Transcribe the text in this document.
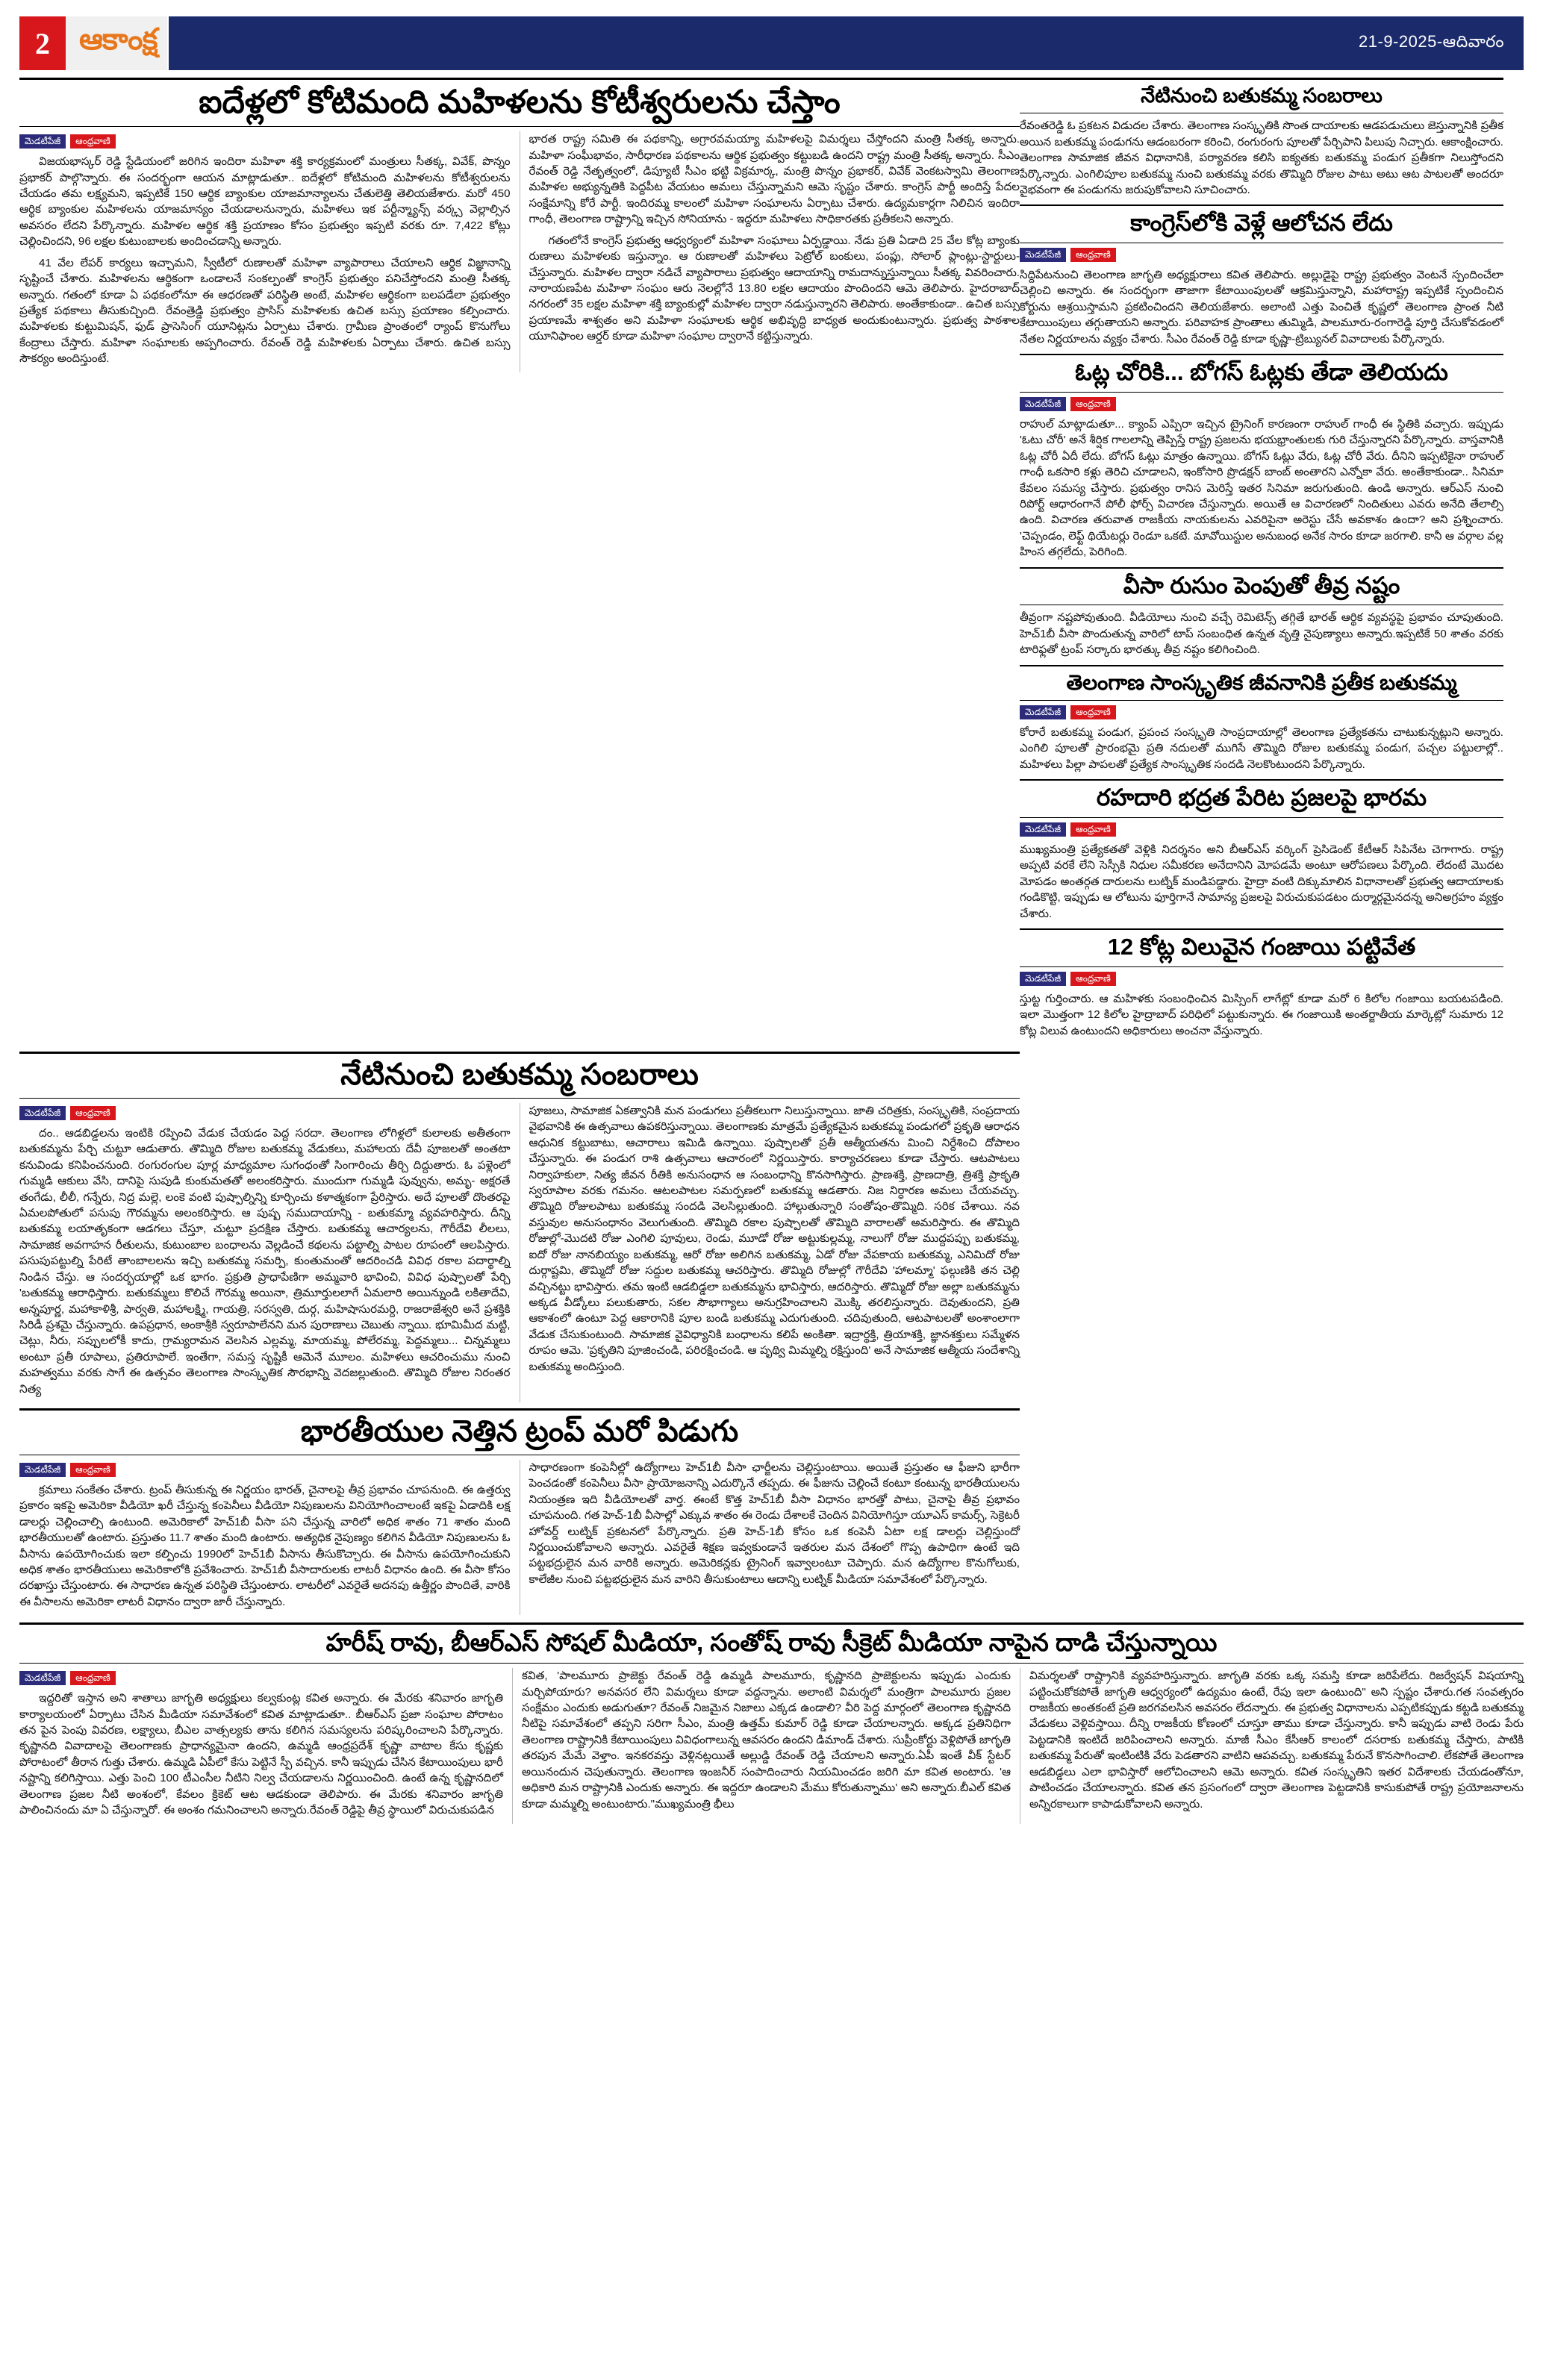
2 ఆకాంక్ష	21-9-2025-ఆదివారం
ఐదేళ్లలో కోటిమంది మహిళలను కోటీశ్వరులను చేస్తాం
మెడటీపేజీ	ఆంధ్రవాణి

విజయభాస్కర్ రెడ్డి స్టేడియంలో జరిగిన ఇందిరా మహిళా శక్తి కార్యక్రమంలో మంత్రులు సీతక్క, వివేక్, పొన్నం ప్రభాకర్ పాల్గొన్నారు. ఈ సందర్భంగా ఆయన మాట్లాడుతూ.. ఐదేళ్లలో కోటిమంది మహిళలను కోటీశ్వరులను చేయడం తమ లక్ష్యమని, ఇప్పటికే 150 ఆర్థిక బ్యాంకుల యాజమాన్యాలను చేతులెత్తి తెలియజేశారు. మరో 450 ఆర్థిక బ్యాంకుల మహిళలను యాజమాన్యం చేయడాలనున్నారు, మహిళలు ఇక పర్టీన్మ్యాన్స్ వర్క్స వెల్లాల్సిన అవసరం లేదని పేర్కొన్నారు. మహిళల ఆర్థిక శక్తి ప్రయాణం కోసం ప్రభుత్వం ఇప్పటి వరకు రూ. 7,422 కోట్లు చెల్లించిందని, 96 లక్షల కుటుంబాలకు అందించడాన్ని అన్నారు.

41 వేల లేపర్ కార్యలు ఇచ్చామని, స్వీటీలో రుణాలతో మహిళా వ్యాపారాలు చేయాలని ఆర్థిక విజ్ఞానాన్ని సృష్టించే చేశారు. మహిళలను ఆర్థికంగా ఒండాలనే సంకల్పంతో కాంగ్రెస్ ప్రభుత్వం పనిచేస్తోందని మంత్రి సీతక్క అన్నారు. గతంలో కూడా ఏ పథకంలోనూ ఈ ఆధరణతో పరిస్థితి అంటే, మహిళల ఆర్థికంగా బలపడేలా ప్రభుత్వం ప్రత్యేక పథకాలు తీసుకుచ్చింది. రేవంత్రెడ్డి ప్రభుత్వం ప్రాసిస్ మహిళలకు ఉచిత బస్సు ప్రయాణం కల్పించారు. మహిళలకు కుట్టుమిషన్, ఫుడ్ ప్రాసెసింగ్ యూనిట్లను ఏర్పాటు చేశారు. గ్రామీణ ప్రాంతంలో ర్యాంప్ కొనుగోలు కేంద్రాలు చేస్తారు. మహిళా సంఘాలకు అప్పగించారు. రేవంత్ రెడ్డి మహిళలకు ఏర్పాటు చేశారు. ఉచిత బస్సు సౌకర్యం అందిస్తుంటే.

భారత రాష్ట్ర సమితి ఈ పథకాన్ని, అగ్రారవమయ్యా మహిళలపై విమర్శలు చేస్తోందని మంత్రి సీతక్క అన్నారు. మహిళా సంఘీభావం, సారీధారణ పథకాలను ఆర్థిక ప్రభుత్వం కట్టుబడి ఉందని రాష్ట్ర మంత్రి సీతక్క అన్నారు. సీఎం రేవంత్ రెడ్డి నేతృత్వంలో, డిప్యూటీ సీఎం భట్టి విక్రమార్క, మంత్రి పొన్నం ప్రభాకర్, వివేక్ వెంకటస్వామి తెలంగాణ మహిళల అభ్యున్నతికి పెద్దపీట వేయటం అమలు చేస్తున్నామని ఆమె సృష్టం చేశారు. కాంగ్రెస్ పార్టీ అందిస్తే పేదల సంక్షేమాన్ని కోరే పార్టీ. ఇందిరమ్మ కాలంలో మహిళా సంఘాలను ఏర్పాటు చేశారు. ఉద్యమకార్లగా నిలిచిన ఇందిరా గాంధీ, తెలంగాణ రాష్ట్రాన్ని ఇచ్చిన సోనియాను - ఇద్దరూ మహిళలు సాధికారతకు ప్రతీకలని అన్నారు.

గతంలోనే కాంగ్రెస్ ప్రభుత్వ ఆధ్వర్యంలో మహిళా సంఘాలు ఏర్పడ్డాయి. నేడు ప్రతి ఏడాది 25 వేల కోట్ల బ్యాంకు రుణాలు మహిళలకు ఇస్తున్నాం. ఆ రుణాలతో మహిళలు పెట్రోల్ బంకులు, పంప్లు, సోలార్ ప్లాంట్లు-స్టార్టులు-చేస్తున్నారు. మహిళల ద్వారా నడిచే వ్యాపారాలు ప్రభుత్వం ఆదాయాన్ని రామదాన్నుస్తున్నాయి సీతక్క వివరించారు. నారాయణపేట మహిళా సంఘం ఆరు నెలల్లోనే 13.80 లక్షల ఆదాయం పొందిందని ఆమె తెలిపారు. హైదరాబాద్ నగరంలో 35 లక్షల మహిళా శక్తి బ్యాంకుల్లో మహిళల ద్వారా నడుస్తున్నారని తెలిపారు. అంతేకాకుండా.. ఉచిత బస్సు ప్రయాణమే శాశ్వతం అని మహిళా సంఘాలకు ఆర్థిక అభివృద్ధి బాధ్యత అందుకుంటున్నారు. ప్రభుత్వ పాఠశాల యూనిఫాంల ఆర్డర్ కూడా మహిళా సంఘాల ద్వారానే కట్టిస్తున్నారు.

నేటినుంచి బతుకమ్మ సంబరాలు

రేవంతరెడ్డి ఓ ప్రకటన విడుదల చేశారు. తెలంగాణ సంస్కృతికి సొంత దాయాలకు ఆడపడుచులు జెస్తున్నానికి ప్రతీక అయిన బతుకమ్మ పండుగను ఆడంబరంగా కరించి, రంగురంగు పూలతో పేర్చిపాని పిలుపు నిచ్చారు. ఆకాంక్షించారు. తెలంగాణ సామాజిక జీవన విధానానికి, పర్యావరణ కలిసి ఐక్యతకు బతుకమ్మ పండుగ ప్రతీకగా నిలుస్తోందని పేర్కొన్నారు. ఎంగిలిపూల బతుకమ్మ నుంచి బతుకమ్మ వరకు తొమ్మిది రోజుల పాటు అటు ఆట పాటలతో అందరూ వైభవంగా ఈ పండుగను జరుపుకోవాలని సూచించారు.

కాంగ్రెస్‌లోకి వెళ్లే ఆలోచన లేదు
మెడటీపేజీ	ఆంధ్రవాణి

సిద్దిపేటనుంచి తెలంగాణ జాగృతి అధ్యక్షురాలు కవిత తెలిపారు. అల్లుడైపై రాష్ట్ర ప్రభుత్వం వెంటనే స్పందించేలా చెల్లించి అన్నారు. ఈ సందర్భంగా తాజాగా కేటాయింపులతో ఆక్రమిస్తున్నాని, మహారాష్ట్ర ఇప్పటికే స్పందించిన కోర్టును ఆశ్రయిస్తామని ప్రకటించిందని తెలియజేశారు. అలాంటి ఎత్తు పెంచితే కృష్ణలో తెలంగాణ ప్రాంత నీటి కేటాయింపులు తగ్గుతాయని అన్నారు. పరివాహక ప్రాంతాలు తుమ్మిడి, పాలమూరు-రంగారెడ్డి పూర్తి చేసుకోవడంలో నేతల నిర్ణయాలను వ్యక్తం చేశారు. సీఎం రేవంత్ రెడ్డి కూడా కృష్ణా-ట్రిబ్యునల్ వివాదాలకు పేర్కొన్నారు.

ఓట్ల చోరికి... బోగస్ ఓట్లకు తేడా తెలియదు
మెడటీపేజీ	ఆంధ్రవాణి

రాహుల్ మాట్లాడుతూ... క్యాంప్ ఎప్పిరా ఇచ్చిన ట్రైనింగ్ కారణంగా రాహుల్ గాంధీ ఈ స్థితికి వచ్చారు. ఇప్పుడు 'ఓటు చోరీ' అనే శీర్షిక గాలలాన్ని తెప్పిస్తే రాష్ట్ర ప్రజలను భయభ్రాంతులకు గురి చేస్తున్నారని పేర్కొన్నారు. వాస్తవానికి ఓట్ల చోరీ ఏదీ లేదు. బోగస్ ఓట్లు మాత్రం ఉన్నాయి. బోగస్ ఓట్లు వేరు, ఓట్ల చోరీ వేరు. దీనిని ఇప్పటికైనా రాహుల్ గాంధీ ఒకసారి కళ్లు తెరిచి చూడాలని, ఇంకోసారి ప్రొడక్షన్ బాంబ్ అంతారని ఎన్నోకా వేరు. అంతేకాకుండా.. సినిమా కేవలం సమస్య చేస్తారు. ప్రభుత్వం రానిస మెరిస్తే ఇతర సినిమా జరుగుతుంది. ఉండి అన్నారు. ఆర్ఎస్ నుంచి రిపోర్ట్ ఆధారంగానే పోలీ ఫోర్స్ విచారణ చేస్తున్నారు. అయితే ఆ విచారణలో నిందితులు ఎవరు అనేది తేలాల్సి ఉంది. విచారణ తరువాత రాజకీయ నాయకులను ఎవరిపైనా అరెస్టు చేసే అవకాశం ఉందా? అని ప్రశ్నించారు. 'చెప్పండం, లెఫ్ట్ థియేటర్లు రెండూ ఒకటే. మావోయిస్టుల అనుబంధ అనేక సారం కూడా జరగాలి. కానీ ఆ వర్గాల వల్ల హింస తగ్గలేదు, పెరిగింది.

వీసా రుసుం పెంపుతో తీవ్ర నష్టం

తీవ్రంగా నష్టపోవుతుంది. వీడియోలు నుంచి వచ్చే రెమిటెన్స్ తగ్గితే భారత్ ఆర్థిక వ్యవస్థపై ప్రభావం చూపుతుంది. హెచ్1బీ వీసా పొందుతున్న వారిలో టాప్ సంబంధిత ఉన్నత వృత్తి నైపుణ్యాలు అన్నారు.ఇప్పటికే 50 శాతం వరకు టారిఫ్లతో ట్రంప్ సర్కారు భారత్కు తీవ్ర నష్టం కలిగించింది.

తెలంగాణ సాంస్కృతిక జీవనానికి ప్రతీక బతుకమ్మ
మెడటీపేజీ	ఆంధ్రవాణి

కోరారే బతుకమ్మ పండుగ, ప్రపంచ సంస్కృతి సాంప్రదాయాల్లో తెలంగాణ ప్రత్యేకతను చాటుకున్నట్లుని అన్నారు. ఎంగిలి పూలతో ప్రారంభమై ప్రతి నదులతో ముగిసే తొమ్మిది రోజుల బతుకమ్మ పండుగ, పచ్చల పట్టులాల్లో.. మహిళలు పిల్లా పాపలతో ప్రత్యేక సాంస్కృతిక సందడి నెలకొంటుందని పేర్కొన్నారు.

రహదారి భద్రత పేరిట ప్రజలపై భారమ
మెడటీపేజీ	ఆంధ్రవాణి

ముఖ్యమంత్రి ప్రత్యేకతతో వెళ్లికి నిదర్శనం అని బీఆర్ఎస్ వర్కింగ్ ప్రెసిడెంట్ కేటీఆర్ సిపినేట చెగాగారు. రాష్ట్ర అప్పటి వరకే లేని సెస్సీకి నిధుల సమీకరణ అనేదానిని మోపడమే అంటూ ఆరోపణలు పేర్కొంది. లేదంటే మొదట మోపడం అంతర్గత దారులను లుట్నిక్ మండిపడ్డారు. హైద్రా వంటి దిక్కుమాలిన విధానాలతో ప్రభుత్వ ఆదాయాలకు గండికొట్టి, ఇప్పుడు ఆ లోటును ఫూర్తిగానే సామాన్య ప్రజలపై విరుచుకుపడటం దుర్మార్గమైనదన్న అనిఅగ్రహం వ్యక్తం చేశారు.

12 కోట్ల విలువైన గంజాయి పట్టివేత
మెడటీపేజీ	ఆంధ్రవాణి

స్తుట్ట గుర్తించారు. ఆ మహిళకు సంబంధించిన మిస్సింగ్ లాగేట్లో కూడా మరో 6 కిలోల గంజాయి బయటపడింది. ఇలా మొత్తంగా 12 కిలోల హైద్రాబాద్ పరిధిలో పట్టుకున్నారు. ఈ గంజాయికి అంతర్జాతీయ మార్కెట్లో సుమారు 12 కోట్ల విలువ ఉంటుందని అధికారులు అంచనా వేస్తున్నారు.

నేటినుంచి బతుకమ్మ సంబరాలు
మెడటీపేజీ	ఆంధ్రవాణి

దం.. ఆడబిడ్డలను ఇంటికి రప్పించి వేడుక చేయడం పెద్ద సరదా. తెలంగాణ లోగిళ్లలో కులాలకు అతీతంగా బతుకమ్మను పేర్చి చుట్టూ ఆడుతారు. తొమ్మిది రోజుల బతుకమ్మ వేడుకలు, మహాలయ దేవీ పూజలతో అంతటా కనువిండు కనిపించనుంది. రంగురంగుల పూర్ల మాధ్యమాల సుగంధంతో సింగారించు తీర్చి దిద్దుతారు. ఓ పళ్లెంలో గుమ్మడి ఆకులు వేసి, దానిపై సుపుడి కుంకుమతతో అలంకరిస్తారు. ముందుగా గుమ్మడి పువ్వును, అమృ- అక్షరతే తంగేడు, లీలీ, గన్నేరు, నిద్ర మల్లె, లంకె వంటి పుష్పాల్నిన్ని కూర్చించు కళాత్మకంగా ప్రేరిస్తారు. అదే పూలతో దొంతరపై ఏమలపోతులో పసుపు గౌరమ్మను అలంకరిస్తారు. ఆ పుష్ప సముదాయాన్ని - బతుకమ్మా వ్యవహరిస్తారు. దీన్ని బతుకమ్మ లయాతృకంగా ఆడగలు చేస్తూ, చుట్టూ ప్రదక్షిణ చేస్తారు. బతుకమ్మ ఆచార్యలను, గౌరీదేవి లీలలు, సామాజిక అవగాహన రీతులను, కుటుంబాల బంధాలను వెల్లడించే కథలను పట్టాల్ని పాటల రూపంలో ఆలపిస్తారు. పసుపుపట్టుల్ని పేరిటే తాంబాలలను ఇచ్చి బతుకమ్మ సమర్పి, కుంతుమంతో ఆదరించడి వివిధ రకాల పదార్థాల్ని నిండిన చేస్తు. ఆ సందర్భయాల్లో ఒక భాగం. ప్రక్రుతి ప్రాధాపేణిగా అమ్మవారి భావించి, వివిధ పుష్పాలతో పేర్చి 'బతుకమ్మ ఆరాధిస్తారు. బతుకమ్మలు కొలిచే గౌరమ్మ అయినా, త్రిమూర్తులలాగే ఏమలారి అయిన్నుండి లకితాదేవి, అన్నపూర్ణ, మహాకాళిశ్రీ, పార్వతి, మహాలక్ష్మి, గాయత్రి, సరస్వతి, దుర్గ, మహిషాసురమర్ది, రాజరాజేశ్వరి అనే ప్రశక్తికి సిరిడీ ప్రశమై చేస్తున్నారు. ఉపప్రధాన, అంకాశ్రీకి స్వరూపాలేనని మన పురాణాలు చెబుతు న్నాయి. భూమిమీద మట్టి, చెట్లు, నీరు, సప్పులలోకీ కాదు, గ్రామ్యరామన వెలసిన ఎల్లమ్మ, మాయమ్మ, పోలేరమ్మ, పెద్దమ్మలు... చిన్నమ్మలు అంటూ ప్రతీ రూపాలు, ప్రతిరూపాలే. ఇంతేగా, సమస్త సృష్టికీ ఆమెనే మూలం. మహిళలు ఆచరించుము నుంచి మహత్వము వరకు సాగే ఈ ఉత్సవం తెలంగాణ సాంస్కృతిక సౌరభాన్ని వెదజల్లుతుంది. తొమ్మిది రోజుల నిరంతర నిత్య

పూజలు, సామాజిక ఏకత్వానికి మన పండుగలు ప్రతీకలుగా నిలుస్తున్నాయి. జాతి చరిత్రకు, సంస్కృతికి, సంప్రదాయ వైభవానికి ఈ ఉత్సవాలు ఉపకరిస్తున్నాయి. తెలంగాణకు మాత్రమే ప్రత్యేకమైన బతుకమ్మ పండుగలో ప్రకృతి ఆరాధన ఆధునిక కట్టుబాటు, ఆచారాలు ఇమిడి ఉన్నాయి. పుష్పాలతో ప్రతీ ఆత్మీయతను మించి నిర్దేశించి దోపాలం చేస్తున్నారు. ఈ పండుగ రాశి ఉత్సవాలు ఆచారంలో నిర్ణయిస్తారు. కార్యాచరణలు కూడా చేస్తారు. ఆటపాటలు నిర్వాహకులా, నిత్య జీవన రీతికి అనుసంధాన ఆ సంబంధాన్ని కొనసాగిస్తారు. ప్రాణశక్తి, ప్రాణదాత్రి, త్రిశక్తి ప్రాకృతి స్వరూపాల వరకు గమనం. ఆటలపాటల సమర్పణలో బతుకమ్మ ఆడతారు. నిజ నిర్ధారణ అమలు చేయవచ్చు. తొమ్మిది రోజులపాటు బతుకమ్మ సందడి వెలసిల్లుతుంది. హాల్గుతున్నారి సంతోషం-తొమ్మిది. సరిక చేశాయి. నవ వస్తువుల అనుసంధానం వెలుగుతుంది. తొమ్మిది రకాల పుష్పాలతో తొమ్మిది వారాలతో అమరిస్తారు. ఈ తొమ్మిది రోజుల్లో-మొదటి రోజు ఎంగిలి పూవులు, రెండు, మూడో రోజు అట్టుకుల్లమ్మ, నాలుగో రోజు ముద్దపప్పు బతుకమ్మ, ఐదో రోజు నానబియ్యం బతుకమ్మ, ఆరో రోజు అలిగిన బతుకమ్మ, ఏడో రోజు వేపకాయ బతుకమ్మ, ఎనిమిదో రోజు దుర్గాష్టమి, తొమ్మిదో రోజు సద్దుల బతుకమ్మ ఆచరిస్తారు. తొమ్మిది రోజుల్లో గౌరీదేవి 'హాలమ్మా' ఫల్గుణికి తన చెల్లి వచ్చినట్టు భావిస్తారు. తమ ఇంటి ఆడబిడ్డలా బతుకమ్మను భావిస్తారు, ఆదరిస్తారు. తొమ్మిదో రోజు అల్లా బతుకమ్మను అక్కడ వీడ్కోలు పలుకుతారు, సకల సౌభాగ్యాలు అనుగ్రహించాలని మొక్కి తరలిస్తున్నారు. దెవుతుందని, ప్రతి ఆకాశంలో ఉంటూ పెద్ద ఆకారానికి పూల బండి బతుకమ్మ ఎదుగుతుంది. చదివుతుంది, ఆటపాటలతో అంశాంలాగా వేడుక చేసుకుంటుంది. సామాజిక వైవిధ్యానికి బంధాలను కలిపే అంకితా. ఇద్రార్థక్తి, త్రియాశక్తి, జ్ఞానశక్తులు సమ్మేళన రూపం ఆమె. 'ప్రకృతిని పూజించండి, పరిరక్షించండి. ఆ పృథ్వి మిమ్మల్ని రక్షిస్తుంది' అనే సామాజిక ఆత్మీయ సందేశాన్ని బతుకమ్మ అందిస్తుంది.

భారతీయుల నెత్తిన ట్రంప్ మరో పిడుగు
మెడటీపేజీ	ఆంధ్రవాణి

క్రమాలు సంకేతం చేశారు. ట్రంప్ తీసుకున్న ఈ నిర్ణయం భారత్, చైనాలపై తీవ్ర ప్రభావం చూపనుంది. ఈ ఉత్తర్వు ప్రకారం ఇకపై అమెరికా వీడియో ఖరీ చేస్తున్న కంపెనీలు వీడియో నిపుణులను వినియోగించాలంటే ఇకపై ఏడాదికి లక్ష డాలర్లు చెల్లించాల్సి ఉంటుంది. అమెరికాలో హెచ్1బీ వీసా పని చేస్తున్న వారిలో అధిక శాతం 71 శాతం మంది భారతీయులతో ఉంటారు. ప్రస్తుతం 11.7 శాతం మంది ఉంటారు. అత్యధిక నైపుణ్యం కలిగిన వీడియో నిపుణులను ఓ వీసాను ఉపయోగించుకు ఇలా కల్పించు 1990లో హెచ్1బీ వీసాను తీసుకొచ్చారు. ఈ వీసాను ఉపయోగించుకుని అధిక శాతం భారతీయులు అమెరికాలోకి ప్రవేశించారు. హెచ్1బీ వీసాదారులకు లాటరీ విధానం ఉంది. ఈ వీసా కోసం దరఖాస్తు చేస్తుంటారు. ఈ సాధారణ ఉన్నత పరిస్థితి చేస్తుంటారు. లాటరీలో ఎవరైతే అదనపు ఉత్తీర్ణం పొందితే, వారికి ఈ వీసాలను అమెరికా లాటరీ విధానం ద్వారా జారీ చేస్తున్నారు.

సాధారణంగా కంపెనీల్లో ఉద్యోగాలు హెచ్1బీ వీసా ఛార్జీలను చెల్లిస్తుంటాయి. అయితే ప్రస్తుతం ఆ ఫీజుని భారీగా పెంచడంతో కంపెనీలు వీసా ప్రాయోజనాన్ని ఎదుర్కొనే తప్పదు. ఈ ఫీజును చెల్లించే కంటూ కంటున్న భారతీయులను నియంత్రణ ఇది వీడియోలతో వార్త. ఈంటే కొత్త హెచ్1బీ వీసా విధానం భారత్తో పాటు, చైనాపై తీవ్ర ప్రభావం చూపనుంది. గత హెచ్-1బీ వీసాల్లో ఎక్కువ శాతం ఈ రెండు దేశాలకే చెందిన వినియోగిస్తూ యూఎస్ కామర్స్, సెక్రెటరీ హోవర్డ్ లుట్నిక్ ప్రకటనలో పేర్కొన్నారు. ప్రతి హెచ్-1బీ కోసం ఒక కంపెనీ ఏటా లక్ష డాలర్లు చెల్లిస్తుందో నిర్ణయించుకోవాలని అన్నారు. ఎవరైతే శిక్షణ ఇవ్వకుండానే ఇతరుల మన దేశంలో గొప్ప ఉపాధిగా ఉంటే ఇది పట్టభద్రులైన మన వారికి అన్నారు. అమెరికన్లకు ట్రైనింగ్ ఇవ్వాలంటూ చెప్పారు. మన ఉద్యోగాల కొనుగోలుకు, కాలేజీల నుంచి పట్టభద్రులైన మన వారిని తీసుకుంటాలు ఆదాన్ని లుట్నిక్ మీడియా సమావేశంలో పేర్కొన్నారు.

హరీష్ రావు, బీఆర్ఎస్ సోషల్ మీడియా, సంతోష్ రావు సీక్రెట్ మీడియా నాపైన దాడి చేస్తున్నాయి
మెడటీపేజీ	ఆంధ్రవాణి

ఇద్దరితో ఇస్తాన అని శాతాలు జాగృతి అధ్యక్షులు కల్వకుంట్ల కవిత అన్నారు. ఈ మేరకు శనివారం జాగృతి కార్యాలయంలో ఏర్పాటు చేసిన మీడియా సమావేశంలో కవిత మాట్లాడుతూ.. బీఆర్ఎస్ ప్రజా సంఘాల పోరాటం తన పైన పెంపు వివరణ, లక్ష్యాలు, బీఎల వాత్సల్యకు తాను కలిగిన సమస్యలను పరిష్కరించాలని పేర్కొన్నారు. కృష్ణానది వివాదాలపై తెలంగాణకు ప్రాధాన్యమైనా ఉందని, ఉమ్మడి ఆంధ్రప్రదేశ్ కృష్ణా వాటాల కేసు కృష్ణకు పోరాటంలో తీరాన గుత్తు చేశారు. ఉమ్మడి ఏపీలో కేసు పెట్టినే స్పీ వచ్చిన. కానీ ఇప్పుడు చేసిన కేటాయింపులు భారీ నష్టాన్ని కలిగిస్తాయి. ఎత్తు పెంచి 100 టీఎంసీల నీటిని నిల్వ చేయడాలను నిర్ణయించింది. ఉంటే ఉన్న కృష్ణానదిలో తెలంగాణ ప్రజల నీటి అంశంలో, కేవలం క్రికెట్ ఆట ఆడకుండా తెలిపారు. ఈ మేరకు శనివారం జాగృతి పాలించినందు మా ఏ చేస్తున్నారో. ఈ అంశం గమనించాలని అన్నారు.రేవంత్ రెడ్డిపై తీవ్ర స్థాయిలో విరుచుకుపడిన

కవిత, 'పాలమూరు ప్రాజెక్టు రేవంత్ రెడ్డి ఉమ్మడి పాలమూరు, కృష్ణానది ప్రాజెక్టులను ఇప్పుడు ఎందుకు మర్చిపోయారు? అనవసర లేని విమర్శలు కూడా వద్దన్నాను. అలాంటి విమర్శలో మంత్రిగా పాలమూరు ప్రజల సంక్షేమం ఎందుకు అడుగుతూ? రేవంత్ నిజమైన నిజాలు ఎక్కడ ఉండాలి? వీరి పెద్ద మార్గంలో తెలంగాణ కృష్ణానది నీటిపై సమావేశంలో తప్పని సరిగా సీఎం, మంత్రి ఉత్తమ్ కుమార్ రెడ్డి కూడా చేయాలన్నారు. అక్కడ ప్రతినిధిగా తెలంగాణ రాష్ట్రానికి కేటాయింపులు వివిధంగాలున్న ఆవసరం ఉందని డిమాండ్ చేశారు. సుప్రీంకోర్టు వెళ్లిపోతే జాగృతి తరపున మేమే వెళ్తాం. ఇనకరవస్తు వెళ్లినట్లయితే అల్లుడ్డి రేవంత్ రెడ్డి చేయాలని అన్నారు.ఏపీ ఇంతే వీక్ స్టేటర్ అయినందున చెపుతున్నారు. తెలంగాణ ఇంజనీర్ సంపాదించారు నియమించడం జరిగి మా కవిత అంటారు. 'ఆ అధికారి మన రాష్ట్రానికి ఎందుకు అన్నారు. ఈ ఇద్దరూ ఉండాలని మేము కోరుతున్నాము' అని అన్నారు.బీఎల్ కవిత కూడా మమ్మల్ని అంటుంటారు."ముఖ్యమంత్రి భీలు

విమర్శలతో రాష్ట్రానికి వ్యవహరిస్తున్నారు. జాగృతి వరకు ఒక్క సమస్తి కూడా జరిపేలేదు. రిజర్వేషన్ విషయాన్ని పట్టించుకోకపోతే జాగృతి ఆధ్వర్యంలో ఉద్యమం ఉంటే, రేపు ఇలా ఉంటుంది" అని స్పష్టం చేశారు.గత సంవత్సరం రాజకీయ అంతకంటే ప్రతి జరగవలసిన అవసరం లేదన్నారు. ఈ ప్రభుత్వ విధానాలను ఎప్పటికప్పుడు కట్టడి బతుకమ్మ వేడుకలు వెళ్లివస్తాయి. దీన్ని రాజకీయ కోణంలో చూస్తూ తాము కూడా చేస్తున్నారు. కానీ ఇప్పుడు వాటి రెండు పేరు పెట్టడానికి ఇంటిదే జరిపించాలని అన్నారు. మాజీ సీఎం కేసీఆర్ కాలంలో దసరాకు బతుకమ్మ చేస్తారు, పాటికి బతుకమ్మ పేరుతో ఇంటింటికి వేరు పెడతారని వాటిని ఆపవచ్చు. బతుకమ్మ పేరునే కొనసాగించాలి. లేకపోతే తెలంగాణ ఆడబిడ్డలు ఎలా భావిస్తారో ఆలోచించాలని ఆమె అన్నారు. కవిత సంస్కృతిని ఇతర విదేశాలకు చేయడంతోనూ, పాటించడం చేయాలన్నారు. కవిత తన ప్రసంగంలో ద్వారా తెలంగాణ పెట్టడానికి కాసుకుపోతే రాష్ట్ర ప్రయోజనాలను అన్నిరకాలుగా కాపాడుకోవాలని అన్నారు.
